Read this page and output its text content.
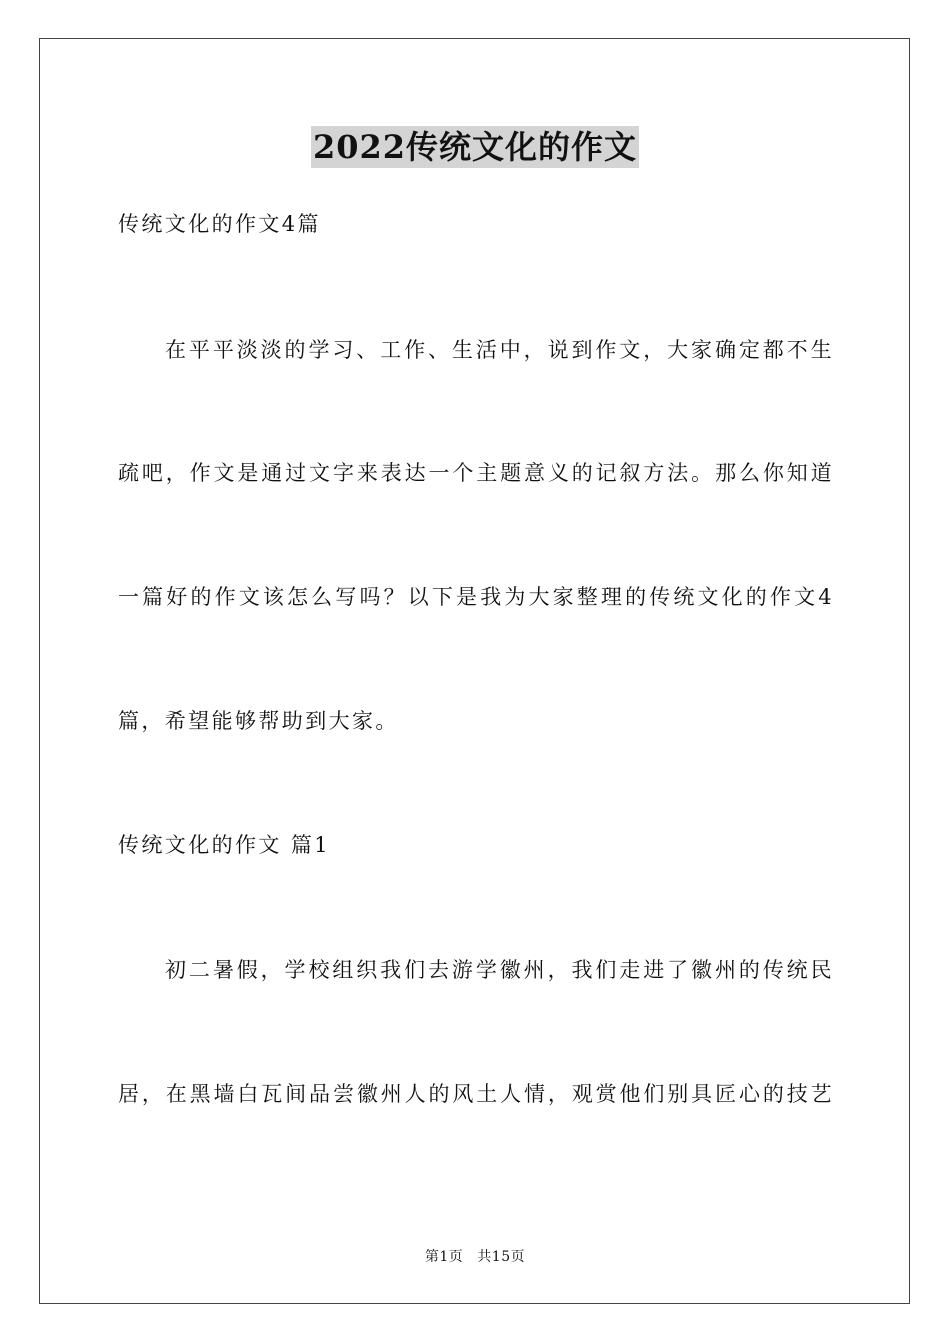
2022传统文化的作文
传统文化的作文4篇
在平平淡淡的学习、工作、生活中，说到作文，大家确定都不生
疏吧，作文是通过文字来表达一个主题意义的记叙方法。那么你知道
一篇好的作文该怎么写吗？以下是我为大家整理的传统文化的作文4
篇，希望能够帮助到大家。
传统文化的作文 篇1
初二暑假，学校组织我们去游学徽州，我们走进了徽州的传统民
居，在黑墙白瓦间品尝徽州人的风土人情，观赏他们别具匠心的技艺
第1页 共15页
